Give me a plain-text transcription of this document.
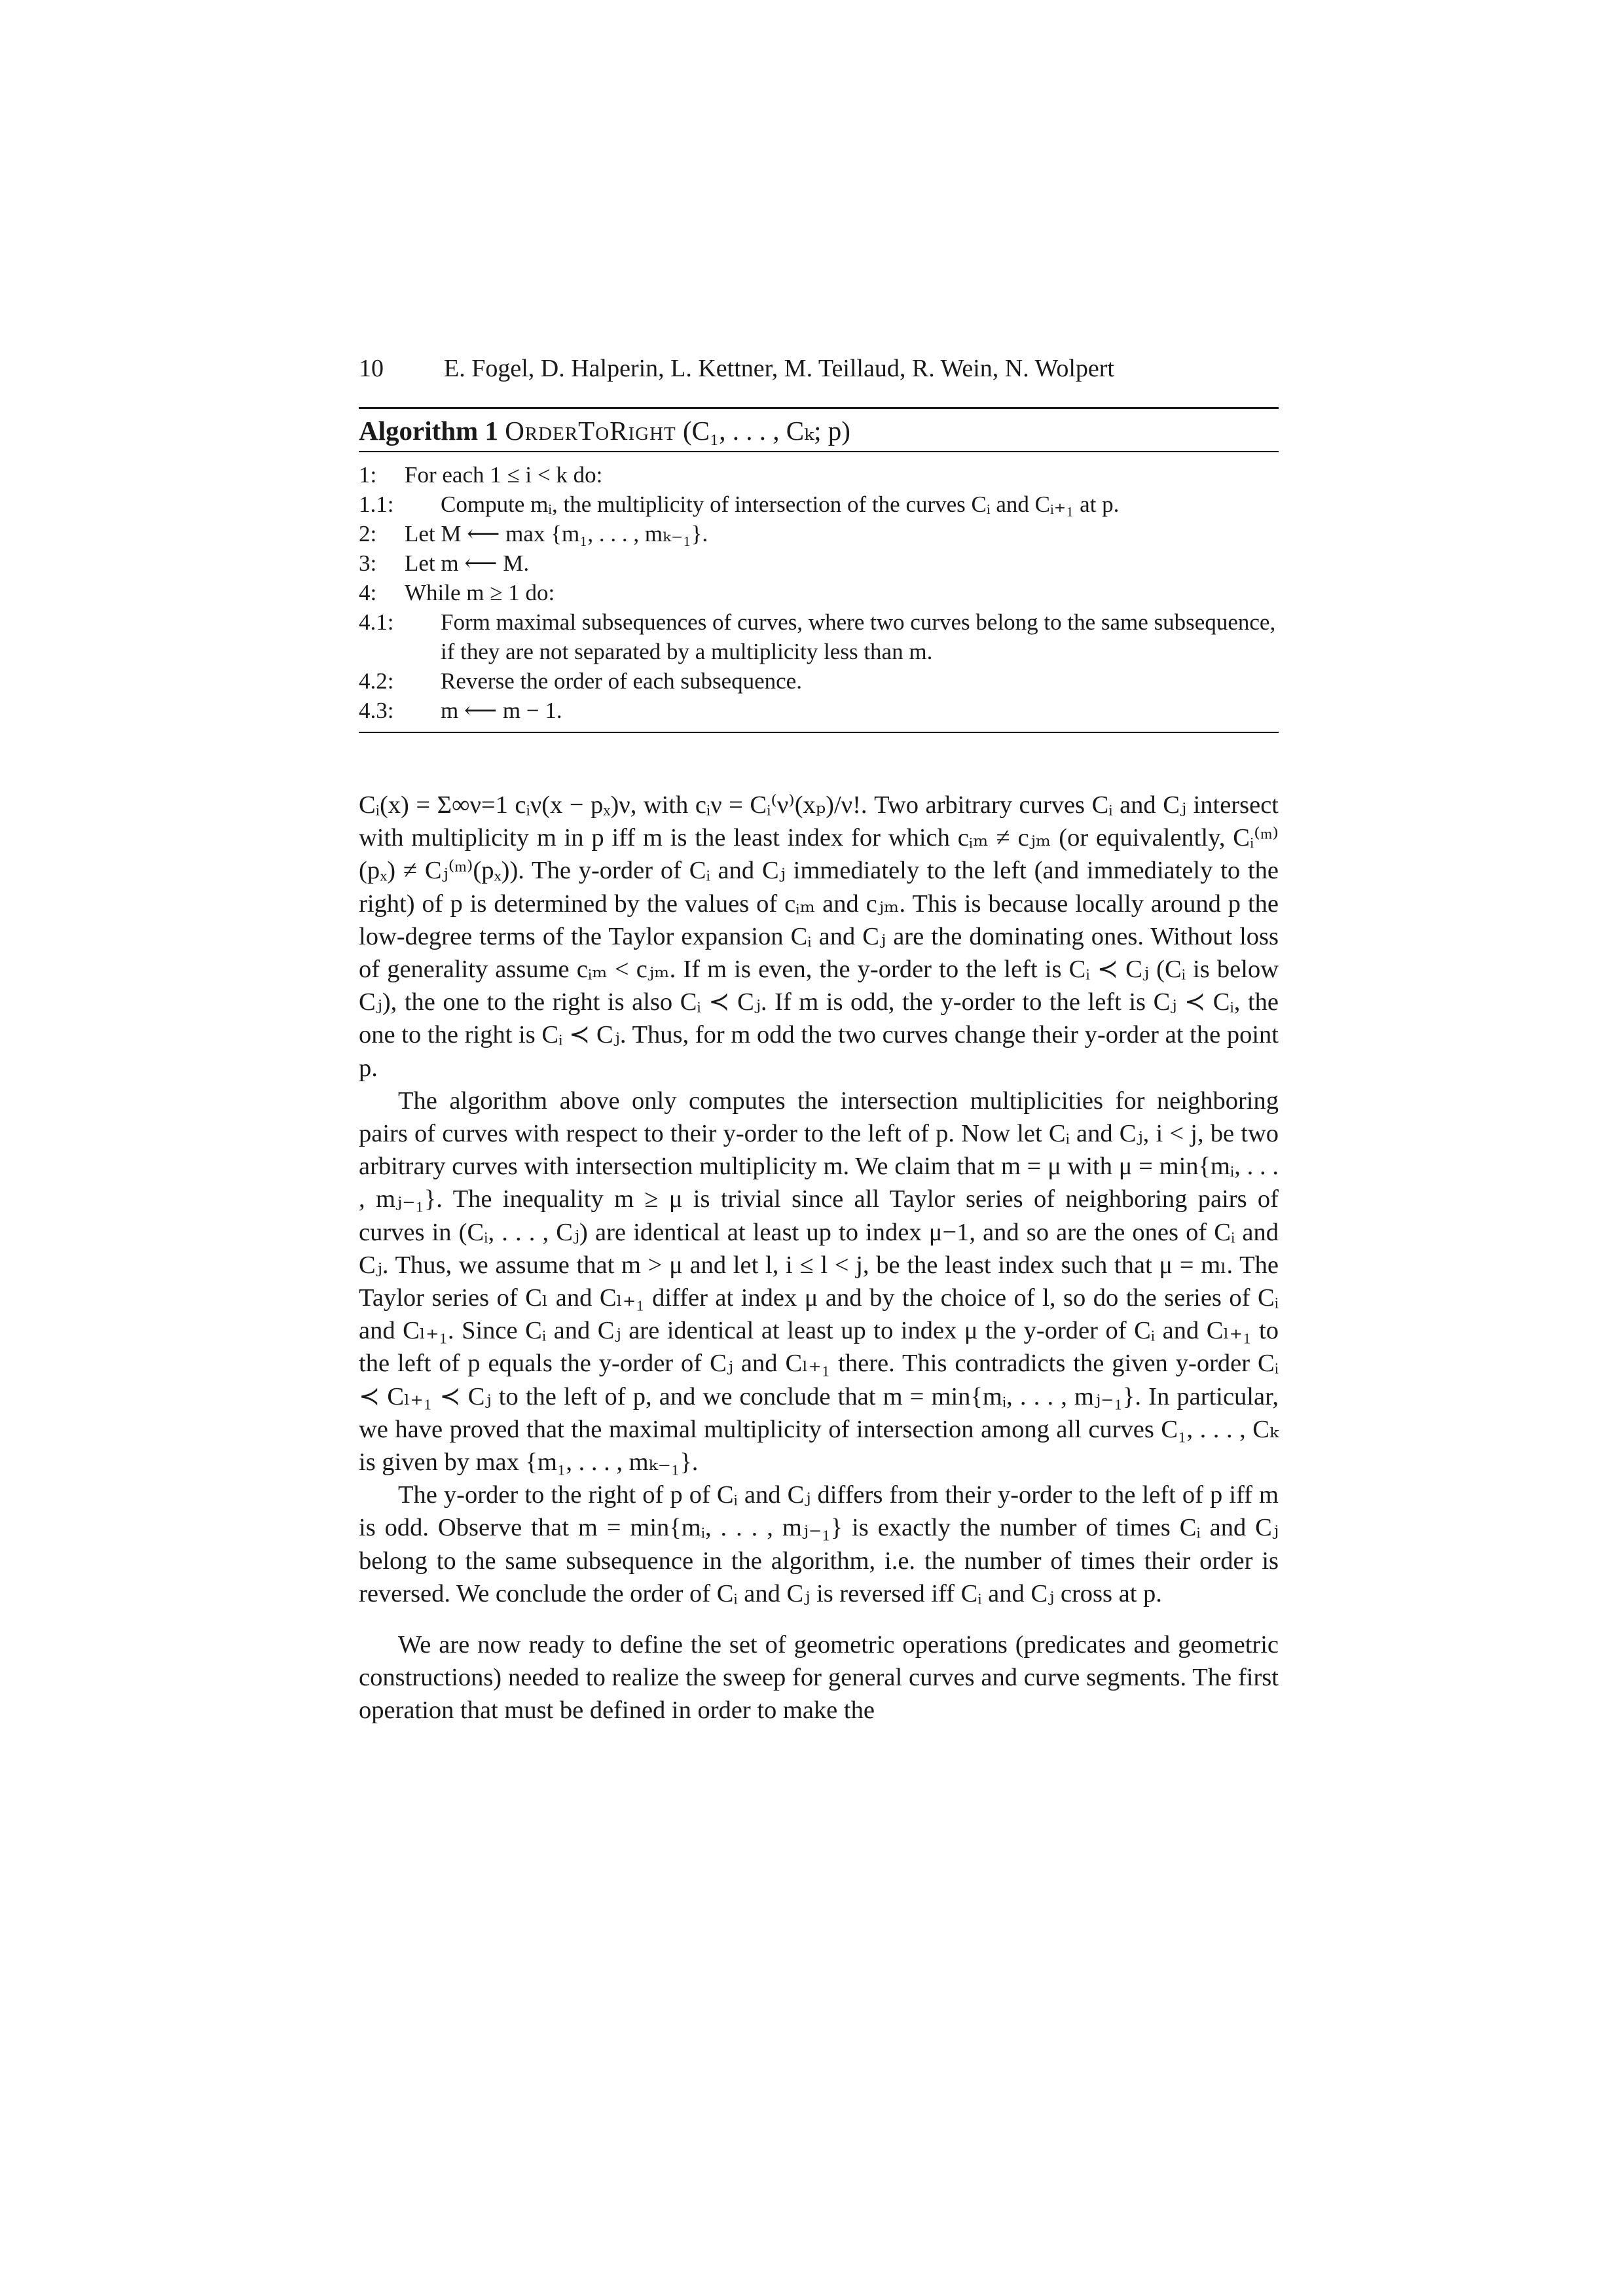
10 E. Fogel, D. Halperin, L. Kettner, M. Teillaud, R. Wein, N. Wolpert
Algorithm 1 OrderToRight (C₁, . . . , Cₖ; p)
1:	For each 1 ≤ i < k do:
1.1:	Compute mᵢ, the multiplicity of intersection of the curves Cᵢ and Cᵢ₊₁ at p.
2:	Let M ⟵ max {m₁, . . . , mₖ₋₁}.
3:	Let m ⟵ M.
4:	While m ≥ 1 do:
4.1:	Form maximal subsequences of curves, where two curves belong to the same subsequence, if they are not separated by a multiplicity less than m.
4.2:	Reverse the order of each subsequence.
4.3:	m ⟵ m − 1.

Cᵢ(x) = Σ∞ν=1 cᵢν(x − pₓ)ν, with cᵢν = Cᵢ⁽ν⁾(xₚ)/ν!. Two arbitrary curves Cᵢ and Cⱼ intersect with multiplicity m in p iff m is the least index for which cᵢₘ ≠ cⱼₘ (or equivalently, Cᵢ⁽ᵐ⁾(pₓ) ≠ Cⱼ⁽ᵐ⁾(pₓ)). The y-order of Cᵢ and Cⱼ immediately to the left (and immediately to the right) of p is determined by the values of cᵢₘ and cⱼₘ. This is because locally around p the low-degree terms of the Taylor expansion Cᵢ and Cⱼ are the dominating ones. Without loss of generality assume cᵢₘ < cⱼₘ. If m is even, the y-order to the left is Cᵢ ≺ Cⱼ (Cᵢ is below Cⱼ), the one to the right is also Cᵢ ≺ Cⱼ. If m is odd, the y-order to the left is Cⱼ ≺ Cᵢ, the one to the right is Cᵢ ≺ Cⱼ. Thus, for m odd the two curves change their y-order at the point p.

The algorithm above only computes the intersection multiplicities for neighboring pairs of curves with respect to their y-order to the left of p. Now let Cᵢ and Cⱼ, i < j, be two arbitrary curves with intersection multiplicity m. We claim that m = μ with μ = min{mᵢ, . . . , mⱼ₋₁}. The inequality m ≥ μ is trivial since all Taylor series of neighboring pairs of curves in (Cᵢ, . . . , Cⱼ) are identical at least up to index μ−1, and so are the ones of Cᵢ and Cⱼ. Thus, we assume that m > μ and let l, i ≤ l < j, be the least index such that μ = mₗ. The Taylor series of Cₗ and Cₗ₊₁ differ at index μ and by the choice of l, so do the series of Cᵢ and Cₗ₊₁. Since Cᵢ and Cⱼ are identical at least up to index μ the y-order of Cᵢ and Cₗ₊₁ to the left of p equals the y-order of Cⱼ and Cₗ₊₁ there. This contradicts the given y-order Cᵢ ≺ Cₗ₊₁ ≺ Cⱼ to the left of p, and we conclude that m = min{mᵢ, . . . , mⱼ₋₁}. In particular, we have proved that the maximal multiplicity of intersection among all curves C₁, . . . , Cₖ is given by max {m₁, . . . , mₖ₋₁}.

The y-order to the right of p of Cᵢ and Cⱼ differs from their y-order to the left of p iff m is odd. Observe that m = min{mᵢ, . . . , mⱼ₋₁} is exactly the number of times Cᵢ and Cⱼ belong to the same subsequence in the algorithm, i.e. the number of times their order is reversed. We conclude the order of Cᵢ and Cⱼ is reversed iff Cᵢ and Cⱼ cross at p.

We are now ready to define the set of geometric operations (predicates and geometric constructions) needed to realize the sweep for general curves and curve segments. The first operation that must be defined in order to make the
